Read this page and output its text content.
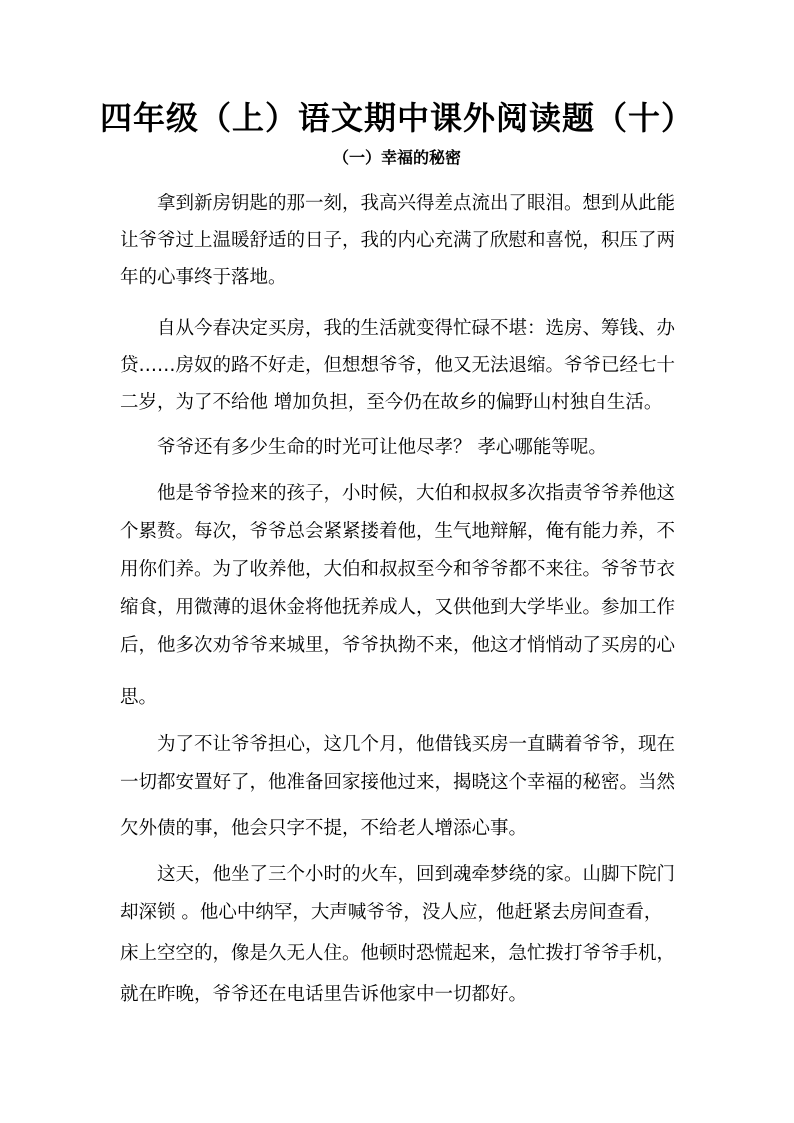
四年级（上）语文期中课外阅读题（十）
（一）幸福的秘密

拿到新房钥匙的那一刻，我高兴得差点流出了眼泪。想到从此能

让爷爷过上温暖舒适的日子，我的内心充满了欣慰和喜悦，积压了两

年的心事终于落地。

自从今春决定买房，我的生活就变得忙碌不堪：选房、筹钱、办

贷……房奴的路不好走，但想想爷爷，他又无法退缩。爷爷已经七十

二岁，为了不给他 增加负担，至今仍在故乡的偏野山村独自生活。

爷爷还有多少生命的时光可让他尽孝？ 孝心哪能等呢。

他是爷爷捡来的孩子，小时候，大伯和叔叔多次指责爷爷养他这

个累赘。每次，爷爷总会紧紧搂着他，生气地辩解，俺有能力养，不

用你们养。为了收养他，大伯和叔叔至今和爷爷都不来往。爷爷节衣

缩食，用微薄的退休金将他抚养成人，又供他到大学毕业。参加工作

后，他多次劝爷爷来城里，爷爷执拗不来，他这才悄悄动了买房的心

思。

为了不让爷爷担心，这几个月，他借钱买房一直瞒着爷爷，现在

一切都安置好了，他准备回家接他过来，揭晓这个幸福的秘密。当然

欠外债的事，他会只字不提，不给老人增添心事。

这天，他坐了三个小时的火车，回到魂牵梦绕的家。山脚下院门

却深锁 。他心中纳罕，大声喊爷爷，没人应，他赶紧去房间查看，

床上空空的，像是久无人住。他顿时恐慌起来，急忙拨打爷爷手机，

就在昨晚，爷爷还在电话里告诉他家中一切都好。
